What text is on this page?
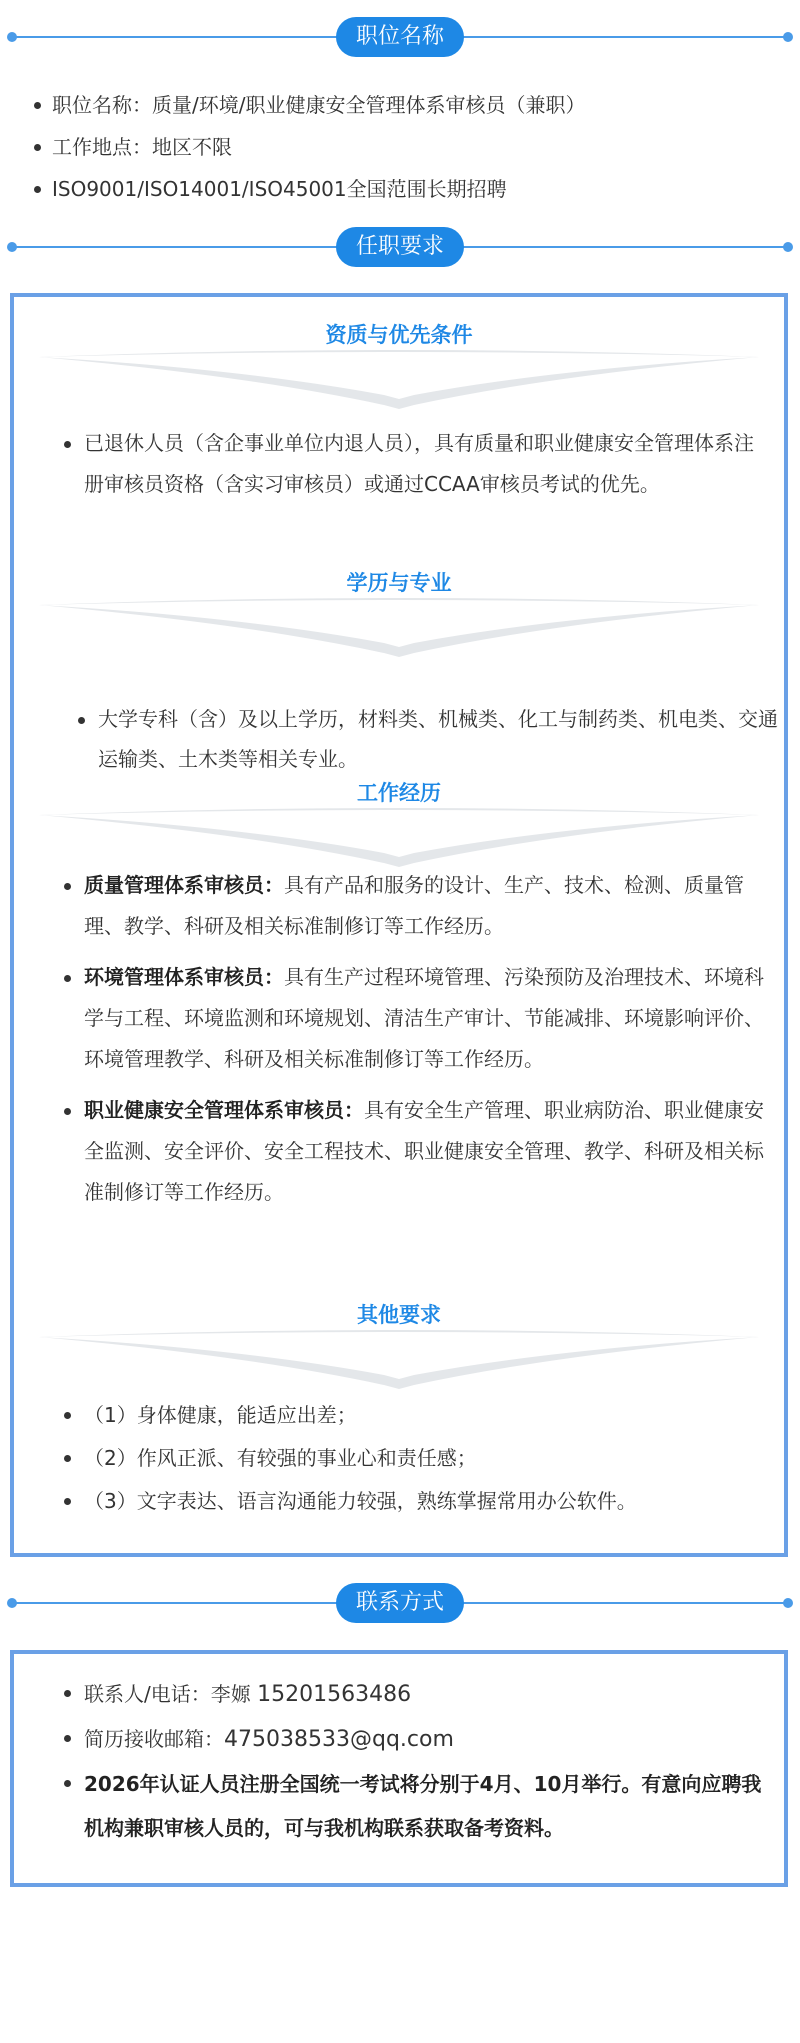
职位名称
职位名称：质量/环境/职业健康安全管理体系审核员（兼职）
工作地点：地区不限
ISO9001/ISO14001/ISO45001全国范围长期招聘
任职要求
资质与优先条件
已退休人员（含企事业单位内退人员），具有质量和职业健康安全管理体系注册审核员资格（含实习审核员）或通过CCAA审核员考试的优先。
学历与专业
大学专科（含）及以上学历，材料类、机械类、化工与制药类、机电类、交通运输类、土木类等相关专业。
工作经历
质量管理体系审核员：具有产品和服务的设计、生产、技术、检测、质量管理、教学、科研及相关标准制修订等工作经历。
环境管理体系审核员：具有生产过程环境管理、污染预防及治理技术、环境科学与工程、环境监测和环境规划、清洁生产审计、节能减排、环境影响评价、环境管理教学、科研及相关标准制修订等工作经历。
职业健康安全管理体系审核员：具有安全生产管理、职业病防治、职业健康安全监测、安全评价、安全工程技术、职业健康安全管理、教学、科研及相关标准制修订等工作经历。
其他要求
（1）身体健康，能适应出差；
（2）作风正派、有较强的事业心和责任感；
（3）文字表达、语言沟通能力较强，熟练掌握常用办公软件。
联系方式
联系人/电话：李嫄 15201563486
简历接收邮箱：475038533@qq.com
2026年认证人员注册全国统一考试将分别于4月、10月举行。有意向应聘我机构兼职审核人员的，可与我机构联系获取备考资料。
